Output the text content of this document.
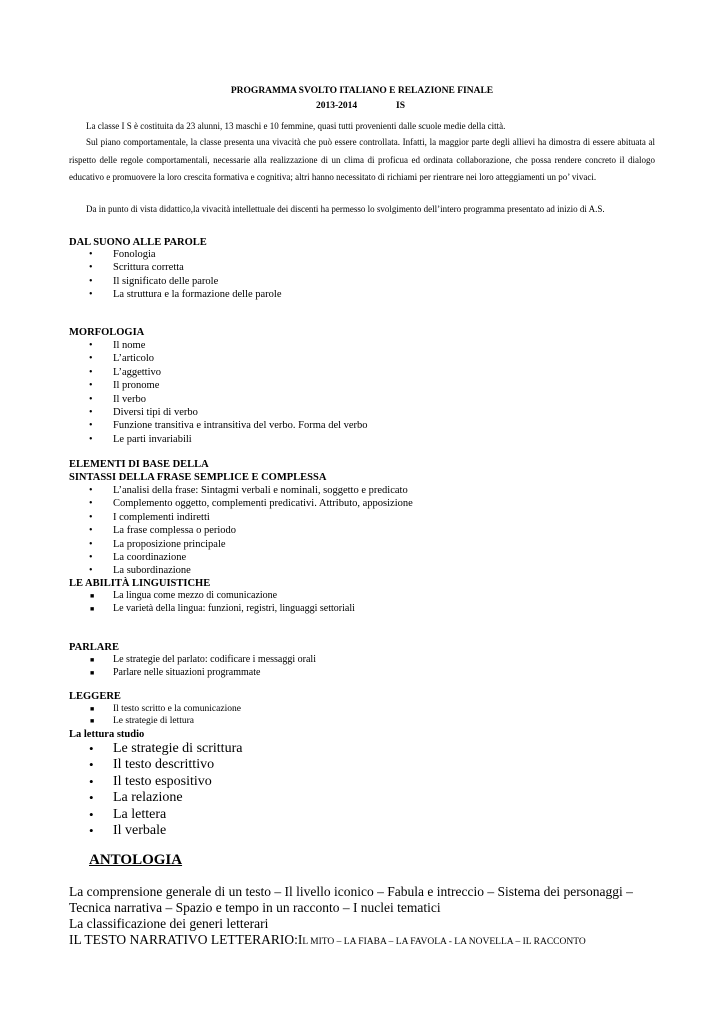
PROGRAMMA SVOLTO ITALIANO E RELAZIONE FINALE
2013-2014	IS
La classe I S è costituita da 23 alunni, 13 maschi e 10 femmine, quasi tutti provenienti dalle scuole medie della città.
Sul piano comportamentale, la classe presenta una vivacità che può essere controllata. Infatti, la maggior parte degli allievi ha dimostra di essere abituata al rispetto delle regole comportamentali, necessarie alla realizzazione di un clima di proficua ed ordinata collaborazione, che possa rendere concreto il dialogo educativo e promuovere la loro crescita formativa e cognitiva; altri hanno necessitato di richiami per rientrare nei loro atteggiamenti un po’ vivaci.
Da in punto di vista didattico,la vivacità intellettuale dei discenti ha permesso lo svolgimento dell’intero programma presentato ad inizio di A.S.
DAL SUONO ALLE PAROLE
• Fonologia
• Scrittura corretta
• Il significato delle parole
• La struttura e la formazione delle parole
MORFOLOGIA
• Il nome
• L’articolo
• L’aggettivo
• Il pronome
• Il verbo
• Diversi tipi di verbo
• Funzione transitiva e intransitiva del verbo. Forma del verbo
• Le parti invariabili
ELEMENTI DI BASE DELLA
SINTASSI DELLA FRASE SEMPLICE E COMPLESSA
• L’analisi della frase: Sintagmi verbali e nominali, soggetto e predicato
• Complemento oggetto, complementi predicativi. Attributo, apposizione
• I complementi indiretti
• La frase complessa o periodo
• La proposizione principale
• La coordinazione
• La subordinazione
LE ABILITÀ LINGUISTICHE
■ La lingua come mezzo di comunicazione
■ Le varietà della lingua: funzioni, registri, linguaggi settoriali
PARLARE
■ Le strategie del parlato: codificare i messaggi orali
■ Parlare nelle situazioni programmate
LEGGERE
■ Il testo scritto e la comunicazione
■ Le strategie di lettura
La lettura studio
• Le strategie di scrittura
• Il testo descrittivo
• Il testo espositivo
• La relazione
• La lettera
• Il verbale
ANTOLOGIA
La comprensione generale di un testo – Il livello iconico – Fabula e intreccio – Sistema dei personaggi –
Tecnica narrativa – Spazio e tempo in un racconto – I nuclei tematici
La classificazione dei generi letterari
IL TESTO NARRATIVO LETTERARIO:IL MITO – LA FIABA – LA FAVOLA - LA NOVELLA – IL RACCONTO
